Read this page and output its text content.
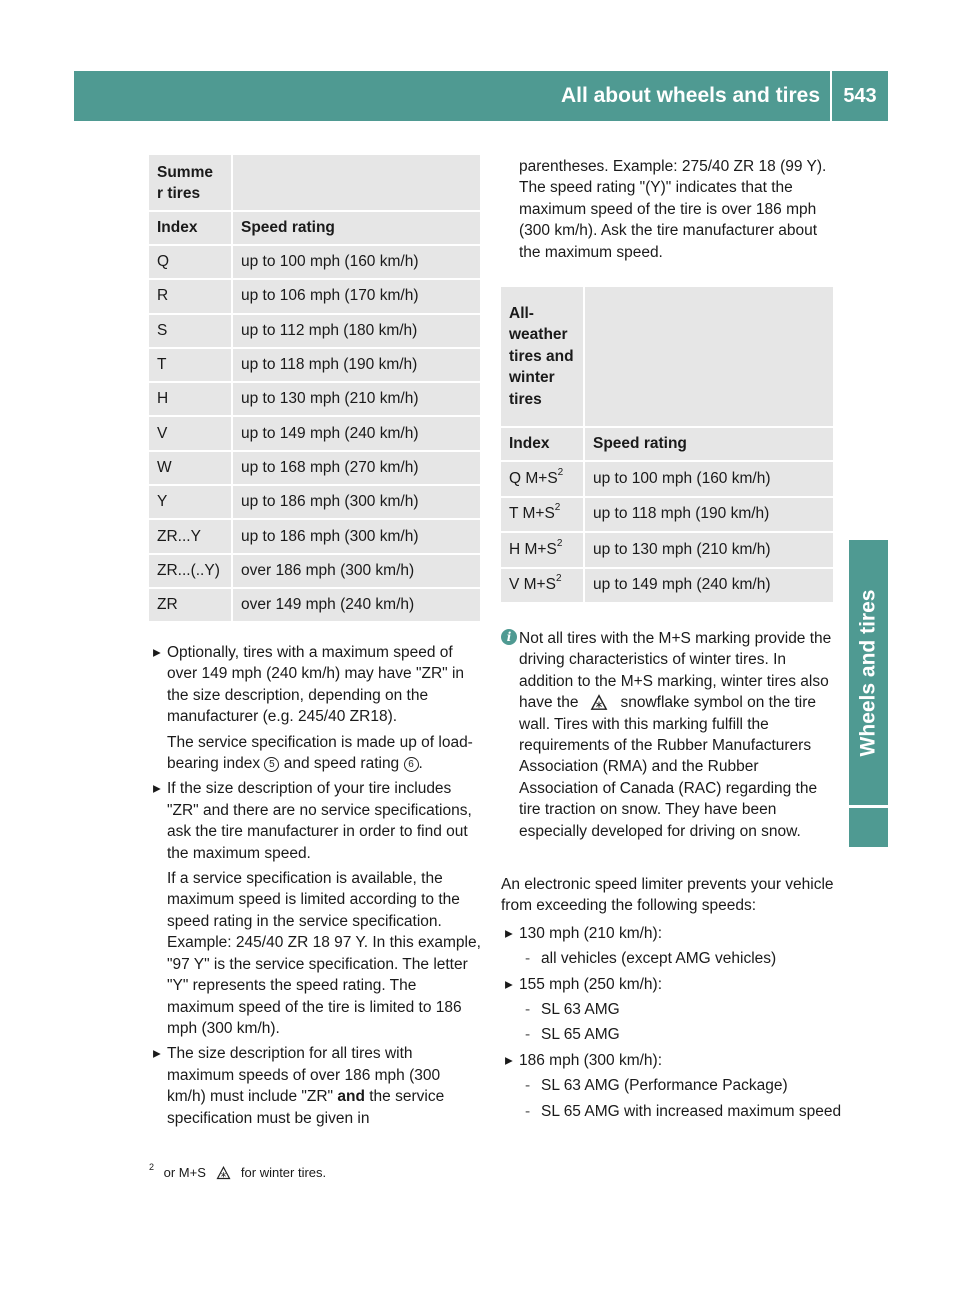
All about wheels and tires	543
Wheels and tires
Summe r tires	
Index	Speed rating
Q	up to 100 mph (160 km/h)
R	up to 106 mph (170 km/h)
S	up to 112 mph (180 km/h)
T	up to 118 mph (190 km/h)
H	up to 130 mph (210 km/h)
V	up to 149 mph (240 km/h)
W	up to 168 mph (270 km/h)
Y	up to 186 mph (300 km/h)
ZR...Y	up to 186 mph (300 km/h)
ZR...(..Y)	over 186 mph (300 km/h)
ZR	over 149 mph (240 km/h)
▸ Optionally, tires with a maximum speed of over 149 mph (240 km/h) may have "ZR" in the size description, depending on the manufacturer (e.g. 245/40 ZR18).
The service specification is made up of load-bearing index 5 and speed rating 6 .
▸ If the size description of your tire includes "ZR" and there are no service specifications, ask the tire manufacturer in order to find out the maximum speed.
If a service specification is available, the maximum speed is limited according to the speed rating in the service specification. Example: 245/40 ZR 18 97 Y. In this example, "97 Y" is the service specification. The letter "Y" represents the speed rating. The maximum speed of the tire is limited to 186 mph (300 km/h).
▸ The size description for all tires with maximum speeds of over 186 mph (300 km/h) must include "ZR" and the service specification must be given in
parentheses. Example: 275/40 ZR 18 (99 Y). The speed rating "(Y)" indicates that the maximum speed of the tire is over 186 mph (300 km/h). Ask the tire manufacturer about the maximum speed.
All- weather tires and winter tires	
Index	Speed rating
Q $M+S^2$	up to 100 mph (160 km/h)
T $M+S^2$	up to 118 mph (190 km/h)
H $M+S^2$	up to 130 mph (210 km/h)
V $M+S^2$	up to 149 mph (240 km/h)
i Not all tires with the M+S marking provide the driving characteristics of winter tires. In addition to the M+S marking, winter tires also have the	snowflake symbol on the tire wall. Tires with this marking fulfill the requirements of the Rubber Manufacturers Association (RMA) and the Rubber Association of Canada (RAC) regarding the tire traction on snow. They have been especially developed for driving on snow.
An electronic speed limiter prevents your vehicle from exceeding the following speeds:
▸ 130 mph (210 km/h):
- all vehicles (except AMG vehicles)
▸ 155 mph (250 km/h):
- SL 63 AMG
- SL 65 AMG
▸ 186 mph (300 km/h):
- SL 63 AMG (Performance Package)
- SL 65 AMG with increased maximum speed
$^2$ or M+S	for winter tires.
